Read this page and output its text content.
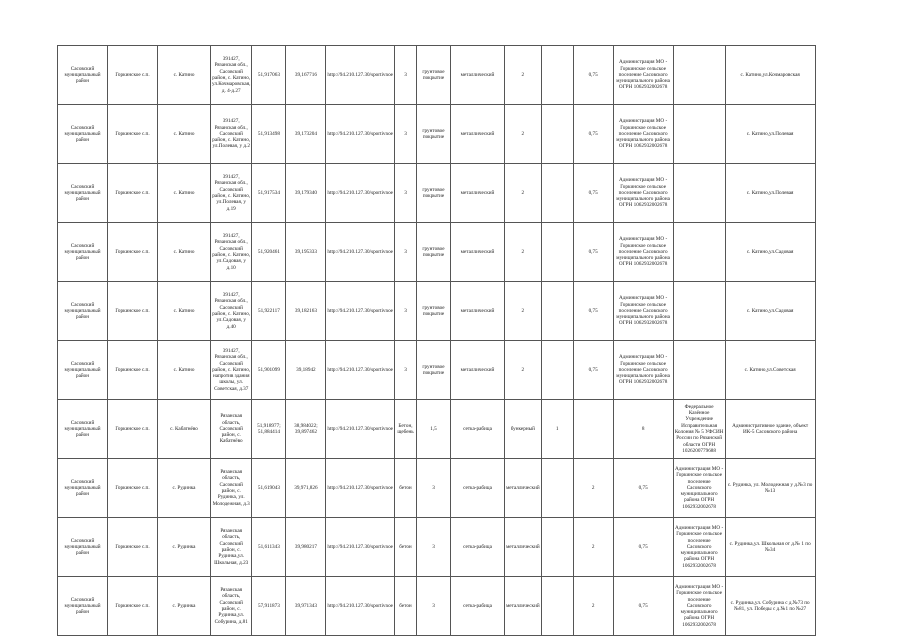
Сасовский муниципальный район	Горкинское с.п.	с. Катино	391427, Рязанская обл., Сасовский район, с. Катино, ул.Кочмаровская, д. 4-д.27	51,917063	39,167716	http://94.210.127.30/sportivnoe	3	грунтовое покрытие	металлический	2		0,75	Администрация МО - Горкинское сельское поселение Сасовского муниципального района ОГРН 1062932002678		с. Катино,ул.Кочмаровская
Сасовский муниципальный район	Горкинское с.п.	с. Катино	391427, Рязанская обл., Сасовский район, с. Катино, ул.Полевая, у д.2	51,913498	39,173204	http://94.210.127.30/sportivnoe	3	грунтовое покрытие	металлический	2		0,75	Администрация МО - Горкинское сельское поселение Сасовского муниципального района ОГРН 1062932002678		с. Катино,ул.Полевая
Сасовский муниципальный район	Горкинское с.п.	с. Катино	391427, Рязанская обл., Сасовский район, с. Катино, ул.Полевая, у д.19	51,917534	39,179340	http://94.210.127.30/sportivnoe	3	грунтовое покрытие	металлический	2		0,75	Администрация МО - Горкинское сельское поселение Сасовского муниципального района ОГРН 1062932002678		с. Катино,ул.Полевая
Сасовский муниципальный район	Горкинское с.п.	с. Катино	391427, Рязанская обл., Сасовский район, с. Катино, ул.Садовая, у д.10	51,920461	39,195333	http://94.210.127.30/sportivnoe	3	грунтовое покрытие	металлический	2		0,75	Администрация МО - Горкинское сельское поселение Сасовского муниципального района ОГРН 1062932002678		с. Катино,ул.Садовая
Сасовский муниципальный район	Горкинское с.п.	с. Катино	391427, Рязанская обл., Сасовский район, с. Катино, ул.Садовая, у д.40	51,922117	39,182163	http://94.210.127.30/sportivnoe	3	грунтовое покрытие	металлический	2		0,75	Администрация МО - Горкинское сельское поселение Сасовского муниципального района ОГРН 1062932002678		с. Катино,ул.Садовая
Сасовский муниципальный район	Горкинское с.п.	с. Катино	391427, Рязанская обл., Сасовский район, с. Катино, напротив здания школы, ул. Советская, д.37	51,901099	39,18942	http://94.210.127.30/sportivnoe	3	грунтовое покрытие	металлический	2		0,75	Администрация МО - Горкинское сельское поселение Сасовского муниципального района ОГРН 1062932002678		с. Катино,ул.Советская
Сасовский муниципальный район	Горкинское с.п.	с. Кабатнёво	Рязанская область, Сасовский район, с. Кабатнёво	51,918977; 51,884414	38,984022; 39,897462	http://94.210.127.30/sportivnoe	Бетон, щебень	1,5	сетка-рабица	бункерный	1		8	Федеральное Казённое Учреждение Исправительная Колония № 5 УФСИН России по Рязанской области ОГРН 1026200779688	Административное здание, объект ИК-5 Сасовского района
Сасовский муниципальный район	Горкинское с.п.	с. Рудинка	Рязанская область, Сасовский район, с. Рудинка, ул. Молодежная, д.3	51,619043	39,971,826	http://94.210.127.30/sportivnoe	бетон	3	сетка-рабица	металлический		2	0,75	Администрация МО - Горкинское сельское поселение Сасовского муниципального района ОГРН 1062932002678	с. Рудинка, ул. Молодежная у д.№3 по №13
Сасовский муниципальный район	Горкинское с.п.	с. Рудинка	Рязанская область, Сасовский район, с. Рудинка,ул. Школьная, д.23	51,611343	39,980217	http://94.210.127.30/sportivnoe	бетон	3	сетка-рабица	металлический		2	0,75	Администрация МО - Горкинское сельское поселение Сасовского муниципального района ОГРН 1062932002678	с. Рудинка,ул. Школьная от д.№ 1 по №34
Сасовский муниципальный район	Горкинское с.п.	с. Рудинка	Рязанская область, Сасовский район, с. Рудинка,ул. Собурина, д.81	57,911873	39,971343	http://94.210.127.30/sportivnoe	бетон	3	сетка-рабица	металлический		2	0,75	Администрация МО - Горкинское сельское поселение Сасовского муниципального района ОГРН 1062932002678	с. Рудинка,ул. Собурина с д.№73 по №81, ул. Победы с д.№1 по №27
